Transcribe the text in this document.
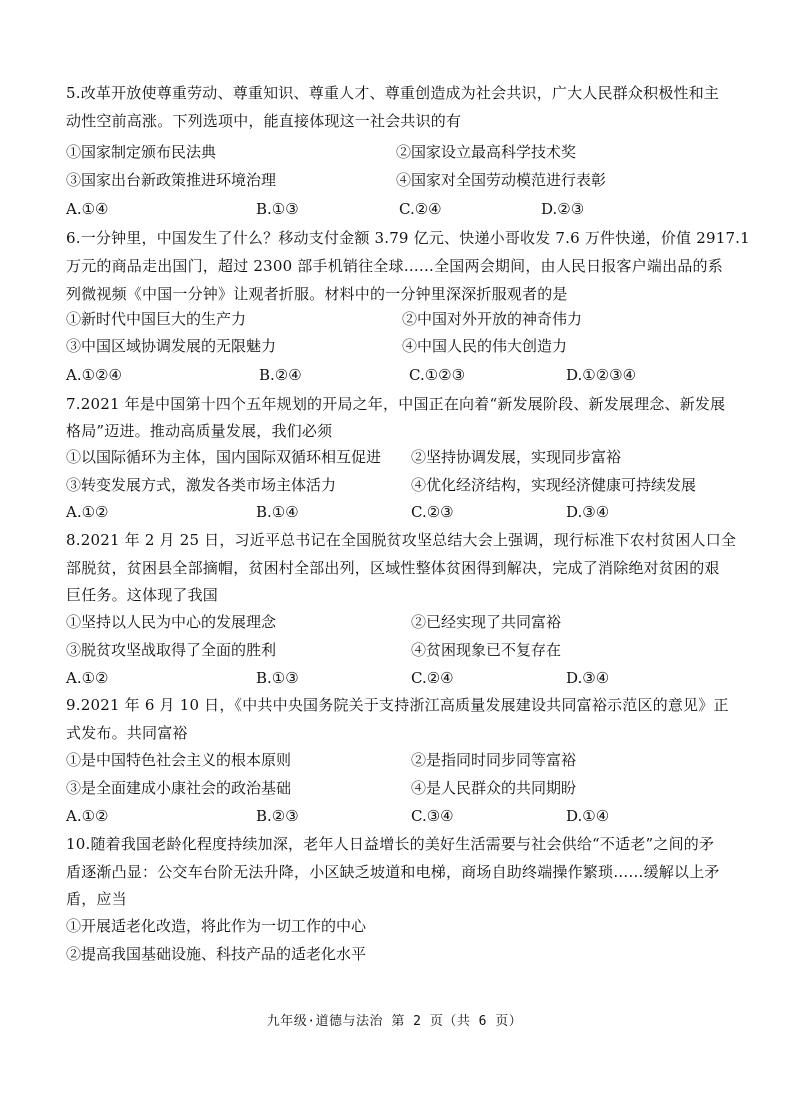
5.改革开放使尊重劳动、尊重知识、尊重人才、尊重创造成为社会共识，广大人民群众积极性和主
动性空前高涨。下列选项中，能直接体现这一社会共识的有
①国家制定颁布民法典	②国家设立最高科学技术奖
③国家出台新政策推进环境治理	④国家对全国劳动模范进行表彰
A.①④	B.①③	C.②④	D.②③
6.一分钟里，中国发生了什么？移动支付金额 3.79 亿元、快递小哥收发 7.6 万件快递，价值 2917.1
万元的商品走出国门，超过 2300 部手机销往全球……全国两会期间，由人民日报客户端出品的系
列微视频《中国一分钟》让观者折服。材料中的一分钟里深深折服观者的是
①新时代中国巨大的生产力	②中国对外开放的神奇伟力
③中国区域协调发展的无限魅力	④中国人民的伟大创造力
A.①②④	B.②④	C.①②③	D.①②③④
7.2021 年是中国第十四个五年规划的开局之年，中国正在向着“新发展阶段、新发展理念、新发展
格局”迈进。推动高质量发展，我们必须
①以国际循环为主体，国内国际双循环相互促进 ②坚持协调发展，实现同步富裕
③转变发展方式，激发各类市场主体活力	④优化经济结构，实现经济健康可持续发展
A.①②	B.①④	C.②③	D.③④
8.2021 年 2 月 25 日，习近平总书记在全国脱贫攻坚总结大会上强调，现行标准下农村贫困人口全
部脱贫，贫困县全部摘帽，贫困村全部出列，区域性整体贫困得到解决，完成了消除绝对贫困的艰
巨任务。这体现了我国
①坚持以人民为中心的发展理念	②已经实现了共同富裕
③脱贫攻坚战取得了全面的胜利	④贫困现象已不复存在
A.①②	B.①③	C.②④	D.③④
9.2021 年 6 月 10 日，《中共中央国务院关于支持浙江高质量发展建设共同富裕示范区的意见》正
式发布。共同富裕
①是中国特色社会主义的根本原则	②是指同时同步同等富裕
③是全面建成小康社会的政治基础	④是人民群众的共同期盼
A.①②	B.②③	C.③④	D.①④
10.随着我国老龄化程度持续加深，老年人日益增长的美好生活需要与社会供给“不适老”之间的矛
盾逐渐凸显：公交车台阶无法升降，小区缺乏坡道和电梯，商场自助终端操作繁琐……缓解以上矛
盾，应当
①开展适老化改造，将此作为一切工作的中心
②提高我国基础设施、科技产品的适老化水平
九年级·道德与法治 第 2 页（共 6 页）
